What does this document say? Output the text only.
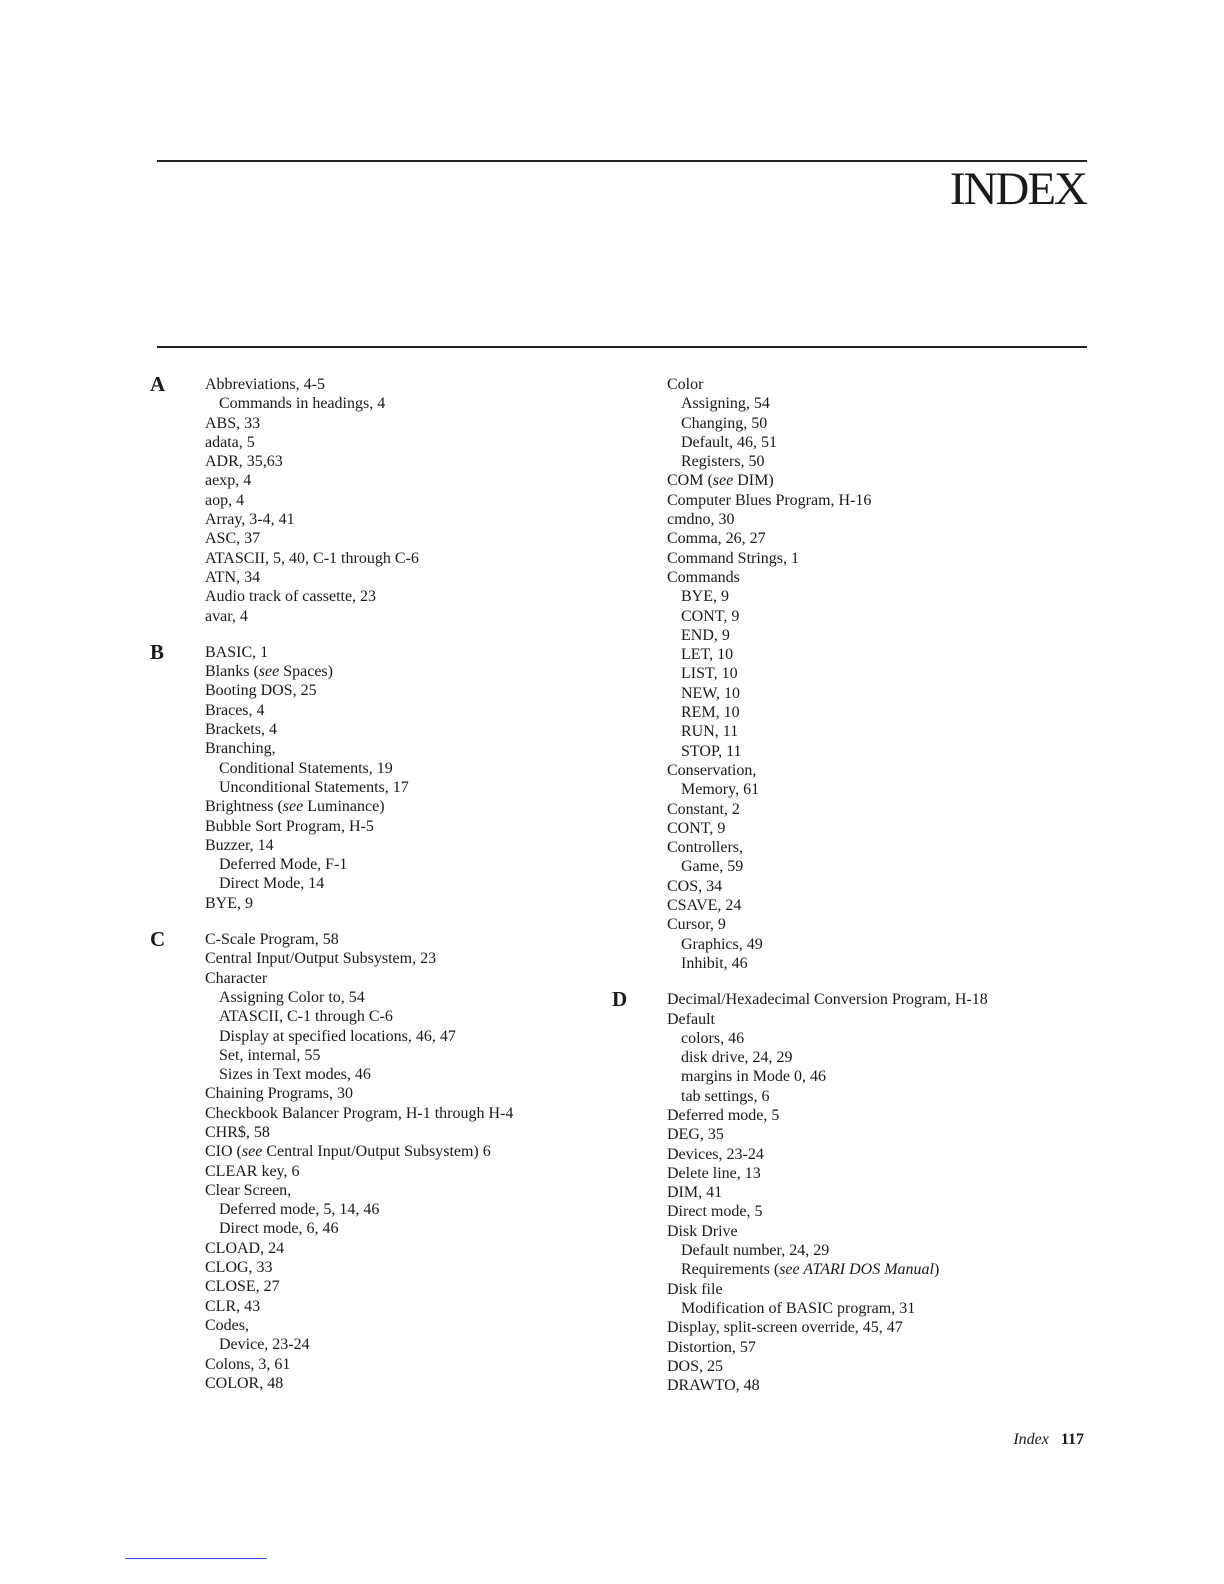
INDEX
A Abbreviations, 4-5
Commands in headings, 4
ABS, 33
adata, 5
ADR, 35,63
aexp, 4
aop, 4
Array, 3-4, 41
ASC, 37
ATASCII, 5, 40, C-1 through C-6
ATN, 34
Audio track of cassette, 23
avar, 4
B	BASIC, 1
Blanks (see Spaces)
Booting DOS, 25
Braces, 4
Brackets, 4
Branching,
Conditional Statements, 19
Unconditional Statements, 17
Brightness (see Luminance)
Bubble Sort Program, H-5
Buzzer, 14
Deferred Mode, F-1
Direct Mode, 14
BYE, 9
C C-Scale Program, 58
Central Input/Output Subsystem, 23
Character
Assigning Color to, 54
ATASCII, C-1 through C-6
Display at specified locations, 46, 47
Set, internal, 55
Sizes in Text modes, 46
Chaining Programs, 30
Checkbook Balancer Program, H-1 through H-4
CHR$, 58
CIO (see Central Input/Output Subsystem) 6
CLEAR key, 6
Clear Screen,
Deferred mode, 5, 14, 46
Direct mode, 6, 46
CLOAD, 24
CLOG, 33
CLOSE, 27
CLR, 43
Codes,
Device, 23-24
Colons, 3, 61
COLOR, 48
Color
Assigning, 54
Changing, 50
Default, 46, 51
Registers, 50
COM (see DIM)
Computer Blues Program, H-16
cmdno, 30
Comma, 26, 27
Command Strings, 1
Commands
BYE, 9
CONT, 9
END, 9
LET, 10
LIST, 10
NEW, 10
REM, 10
RUN, 11
STOP, 11
Conservation,
Memory, 61
Constant, 2
CONT, 9
Controllers,
Game, 59
COS, 34
CSAVE, 24
Cursor, 9
Graphics, 49
Inhibit, 46
D Decimal/Hexadecimal Conversion Program, H-18
Default
colors, 46
disk drive, 24, 29
margins in Mode 0, 46
tab settings, 6
Deferred mode, 5
DEG, 35
Devices, 23-24
Delete line, 13
DIM, 41
Direct mode, 5
Disk Drive
Default number, 24, 29
Requirements (see ATARI DOS Manual)
Disk file
Modification of BASIC program, 31
Display, split-screen override, 45, 47
Distortion, 57
DOS, 25
DRAWTO, 48
Index 117
